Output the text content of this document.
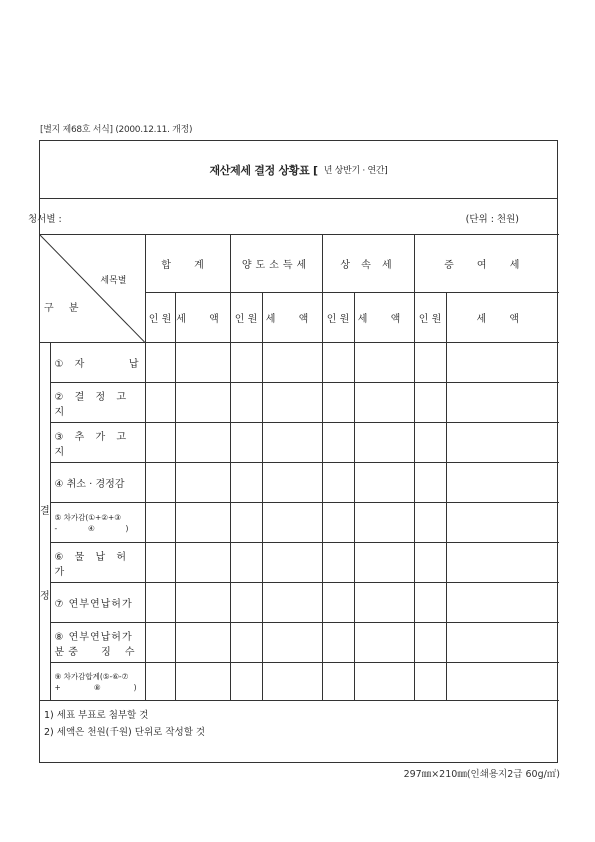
[별지 제68호 서식] (2000.12.11. 개정)
재산제세 결정 상황표 [ 년 상반기 · 연간]
청서별 :	(단위 : 천원)
세목별
구 분		합 계		양도소득세		상 속 세		증 여 세	
		인 원	세 액	인 원	세 액	인 원	세 액	인 원	세 액

결
정	① 자 납								

	② 결 정 고 지								

	③ 추 가 고 지								

	④ 취소 · 경정감								

	⑤ 차가감(①+②+③
- ④ )								

	⑥ 물 납 허 가								

	⑦ 연부연납허가								

	⑧ 연부연납허가
분 중 징 수								

	⑨ 차가감합계(⑤-⑥-⑦
+ ⑧ )								

1) 세표 부표로 첨부할 것
2) 세액은 천원(千원) 단위로 작성할 것
297㎜×210㎜(인쇄용지2급 60g/㎡)
